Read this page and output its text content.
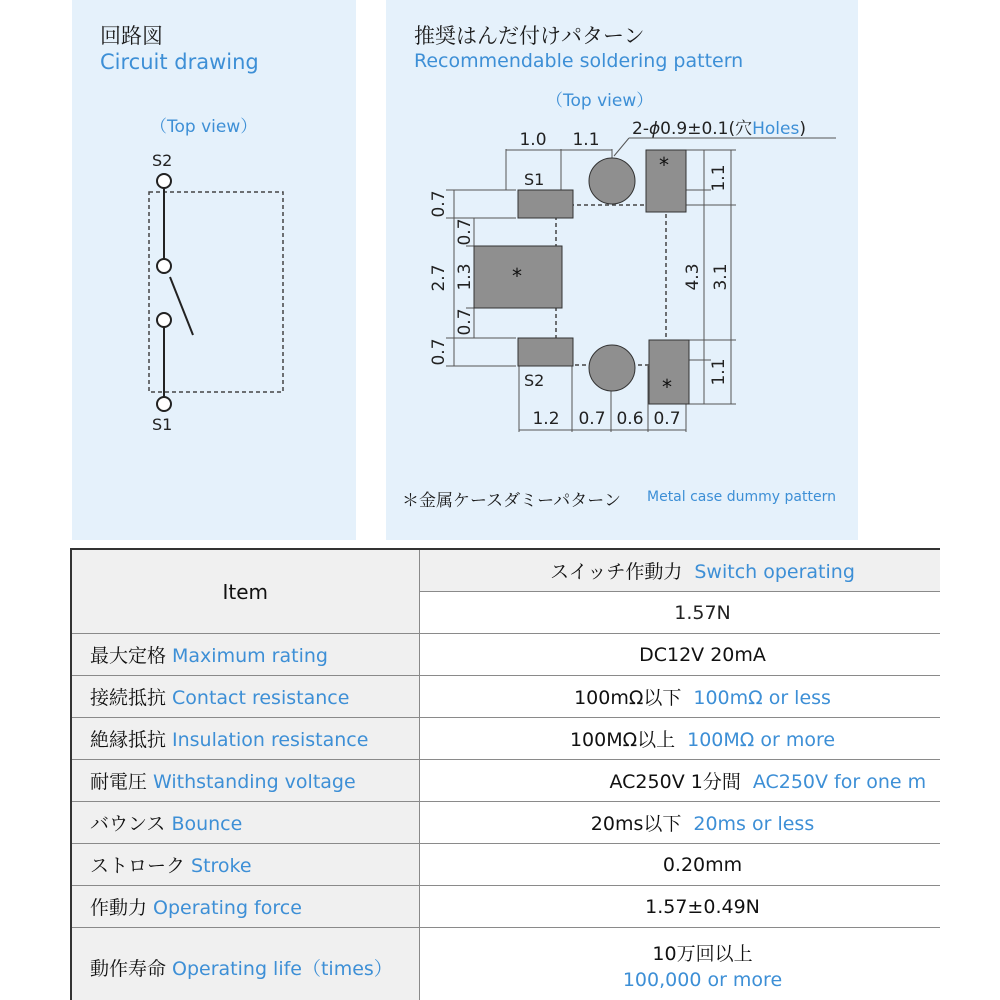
回路図
Circuit drawing
（Top view）
S2
S1
推奨はんだ付けパターン
Recommendable soldering pattern
（Top view）
*
*
*
S1
S2
2-ϕ0.9±0.1(穴Holes)
1.0 1.1
1.2 0.7 0.6 0.7
0.7
2.7
0.7
0.7
1.3
0.7
1.1
4.3 3.1
1.1
＊金属ケースダミーパターン Metal case dummy pattern
Item	スイッチ作動力 Switch operating
	1.57N
最大定格 Maximum rating	DC12V 20mA
接続抵抗 Contact resistance	100mΩ以下 100mΩ or less
絶縁抵抗 Insulation resistance	100MΩ以上 100MΩ or more
耐電圧 Withstanding voltage	AC250V 1分間 AC250V for one m
バウンス Bounce	20ms以下 20ms or less
ストローク Stroke	0.20mm
作動力 Operating force	1.57±0.49N
動作寿命 Operating life（times）	10万回以上
100,000 or more
